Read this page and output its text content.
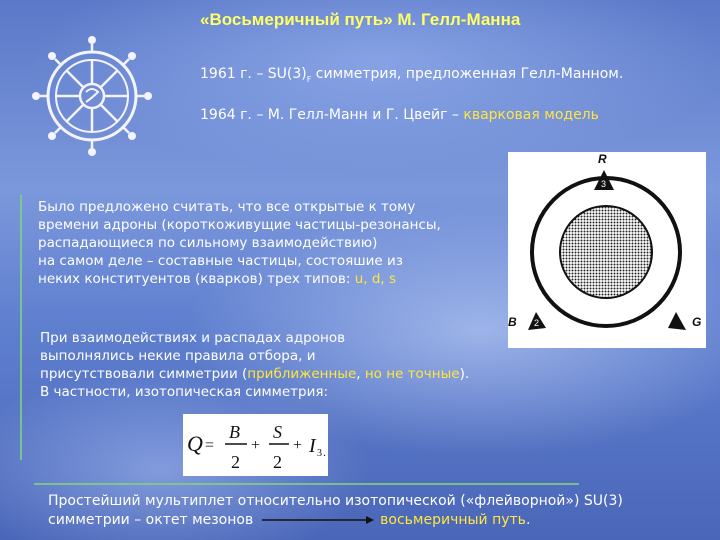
«Восьмеричный путь» М. Гелл-Манна
1961 г. – $SU(3)_F$ симметрия, предложенная Гелл-Манном.
1964 г. – М. Гелл-Манн и Г. Цвейг – кварковая модель
R
B	G
3
2
Было предложено считать, что все открытые к тому
времени адроны (короткоживущие частицы-резонансы,
распадающиеся по сильному взаимодействию)
на самом деле – составные частицы, состояшие из
неких конституентов (кварков) трех типов: u, d, s
При взаимодействиях и распадах адронов
выполнялись некие правила отбора, и
присутствовали симметрии (приближенные, но не точные).
В частности, изотопическая симметрия:
Q =
B
2
+
S
2
+ I 3 .
Простейший мультиплет относительно изотопической («флейворной») SU(3)
симметрии – октет мезонов	восьмеричный путь.
